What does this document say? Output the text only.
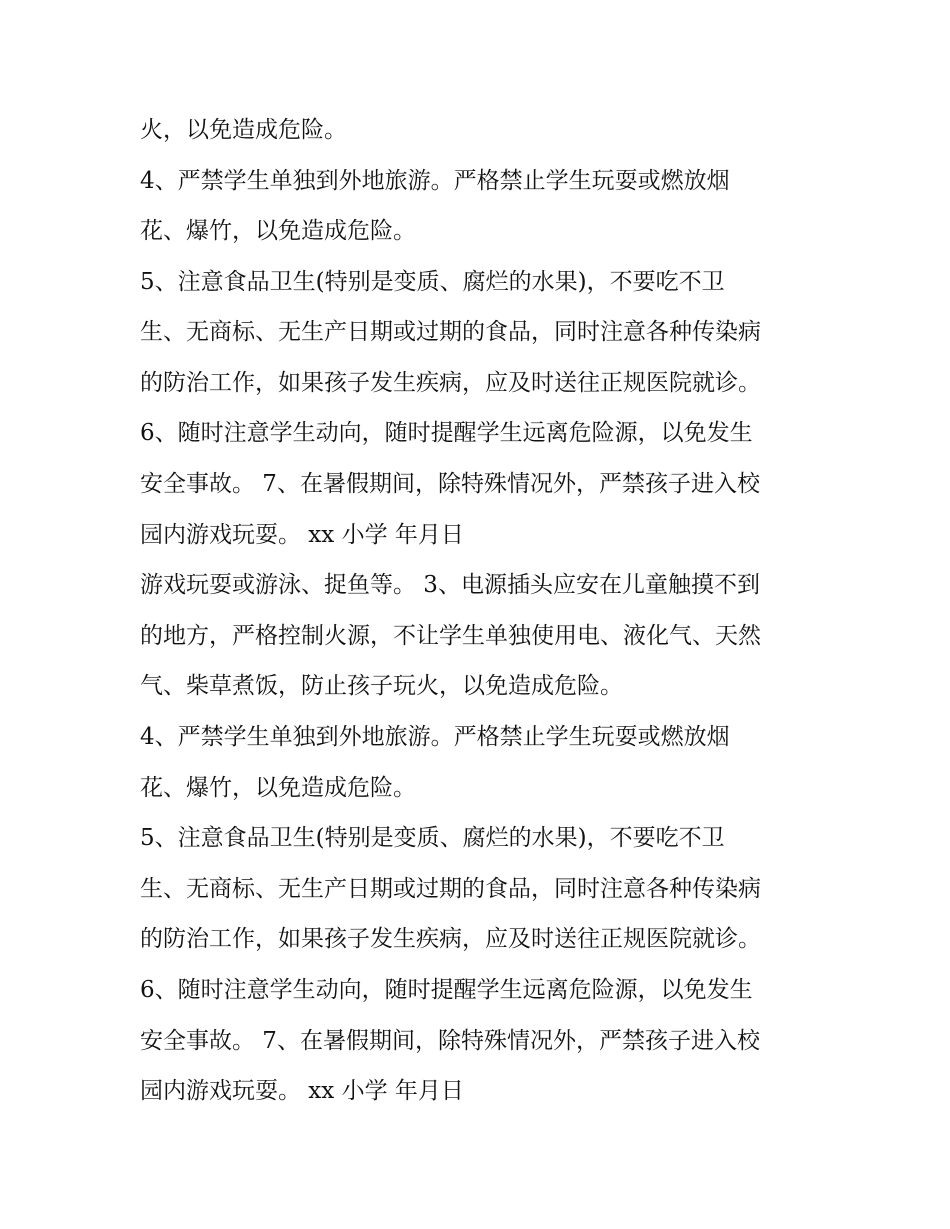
火，以免造成危险。

4、严禁学生单独到外地旅游。严格禁止学生玩耍或燃放烟

花、爆竹，以免造成危险。

5、注意食品卫生(特别是变质、腐烂的水果)，不要吃不卫

生、无商标、无生产日期或过期的食品，同时注意各种传染病

的防治工作，如果孩子发生疾病，应及时送往正规医院就诊。

6、随时注意学生动向，随时提醒学生远离危险源，以免发生

安全事故。 7、在暑假期间，除特殊情况外，严禁孩子进入校

园内游戏玩耍。 xx 小学 年月日

游戏玩耍或游泳、捉鱼等。 3、电源插头应安在儿童触摸不到

的地方，严格控制火源，不让学生单独使用电、液化气、天然

气、柴草煮饭，防止孩子玩火，以免造成危险。

4、严禁学生单独到外地旅游。严格禁止学生玩耍或燃放烟

花、爆竹，以免造成危险。

5、注意食品卫生(特别是变质、腐烂的水果)，不要吃不卫

生、无商标、无生产日期或过期的食品，同时注意各种传染病

的防治工作，如果孩子发生疾病，应及时送往正规医院就诊。

6、随时注意学生动向，随时提醒学生远离危险源，以免发生

安全事故。 7、在暑假期间，除特殊情况外，严禁孩子进入校

园内游戏玩耍。 xx 小学 年月日
